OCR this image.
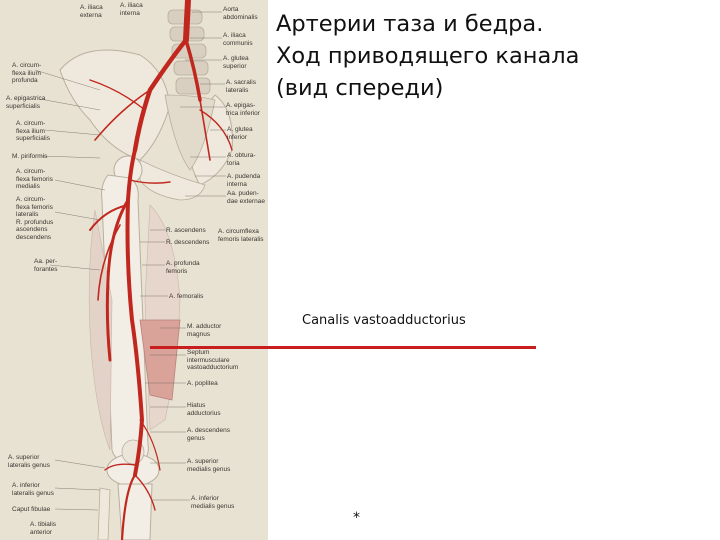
Aorta
abdominalis
A. iliaca
communis
A. glutea
superior
A. sacralis
lateralis
A. epigas-
trica inferior
A. glutea
inferior
A. obtura-
toria
A. pudenda
interna
Aa. puden-
dae externae
R. ascendens
R. descendens
A. circumflexa
femoris lateralis
A. profunda
femoris
A. femoralis
M. adductor
magnus
Septum
intermusculare
vastoadductorium
A. poplitea
Hiatus
adductorius
A. descendens
genus
A. superior
medialis genus
A. inferior
medialis genus
A. iliaca
externa
A. iliaca
interna
A. circum-
flexa ilium
profunda
A. epigastrica
superficialis
A. circum-
flexa ilium
superficialis
M. piriformis
A. circum-
flexa femoris
medialis
A. circum-
flexa femoris
lateralis
R. profundus
ascendens
descendens
Aa. per-
forantes
A. superior
lateralis genus
A. inferior
lateralis genus
Caput fibulae
A. tibialis
anterior
Артерии таза и бедра.
Ход приводящего канала
(вид спереди)
Canalis vastoadductorius
*
